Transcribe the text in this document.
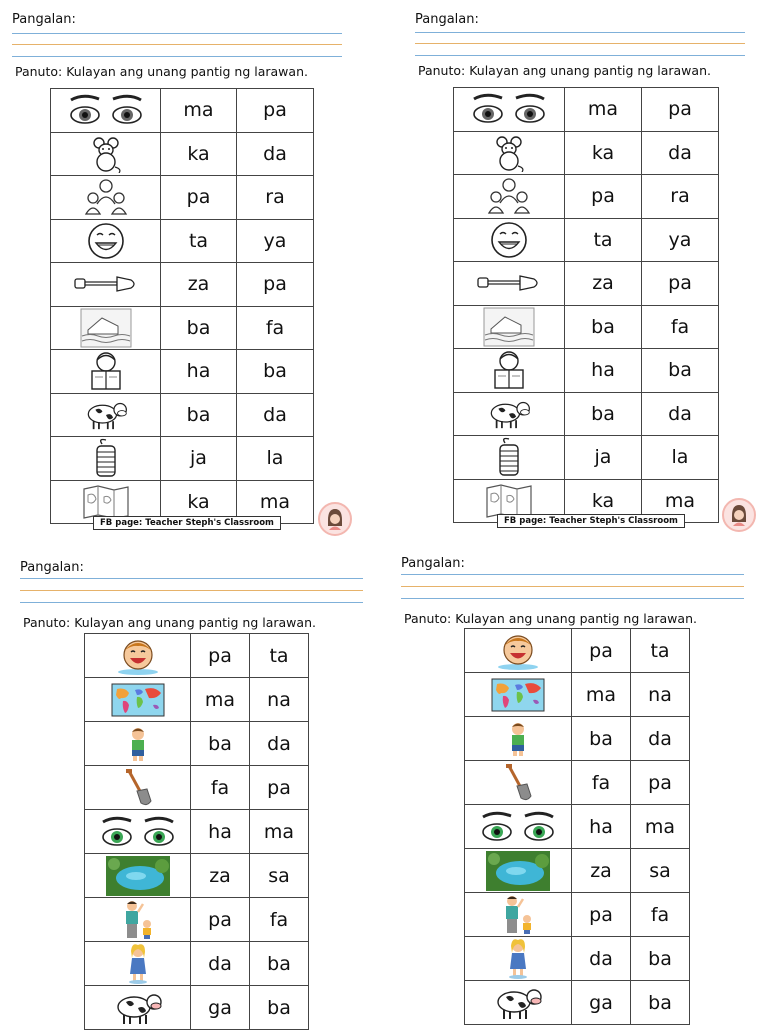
Pangalan:
Panuto: Kulayan ang unang pantig ng larawan.
	ma	pa

	ka	da

	pa	ra

	ta	ya

	za	pa

	ba	fa

	ha	ba

	ba	da

	ja	la

	ka	ma
FB page: Teacher Steph's Classroom
Pangalan:
Panuto: Kulayan ang unang pantig ng larawan.
	ma	pa

	ka	da

	pa	ra

	ta	ya

	za	pa

	ba	fa

	ha	ba

	ba	da

	ja	la

	ka	ma
FB page: Teacher Steph's Classroom
Pangalan:
Panuto: Kulayan ang unang pantig ng larawan.
	pa	ta

	ma	na

	ba	da

	fa	pa

	ha	ma

	za	sa

	pa	fa

	da	ba

	ga	ba
Pangalan:
Panuto: Kulayan ang unang pantig ng larawan.
	pa	ta

	ma	na

	ba	da

	fa	pa

	ha	ma

	za	sa

	pa	fa

	da	ba

	ga	ba
